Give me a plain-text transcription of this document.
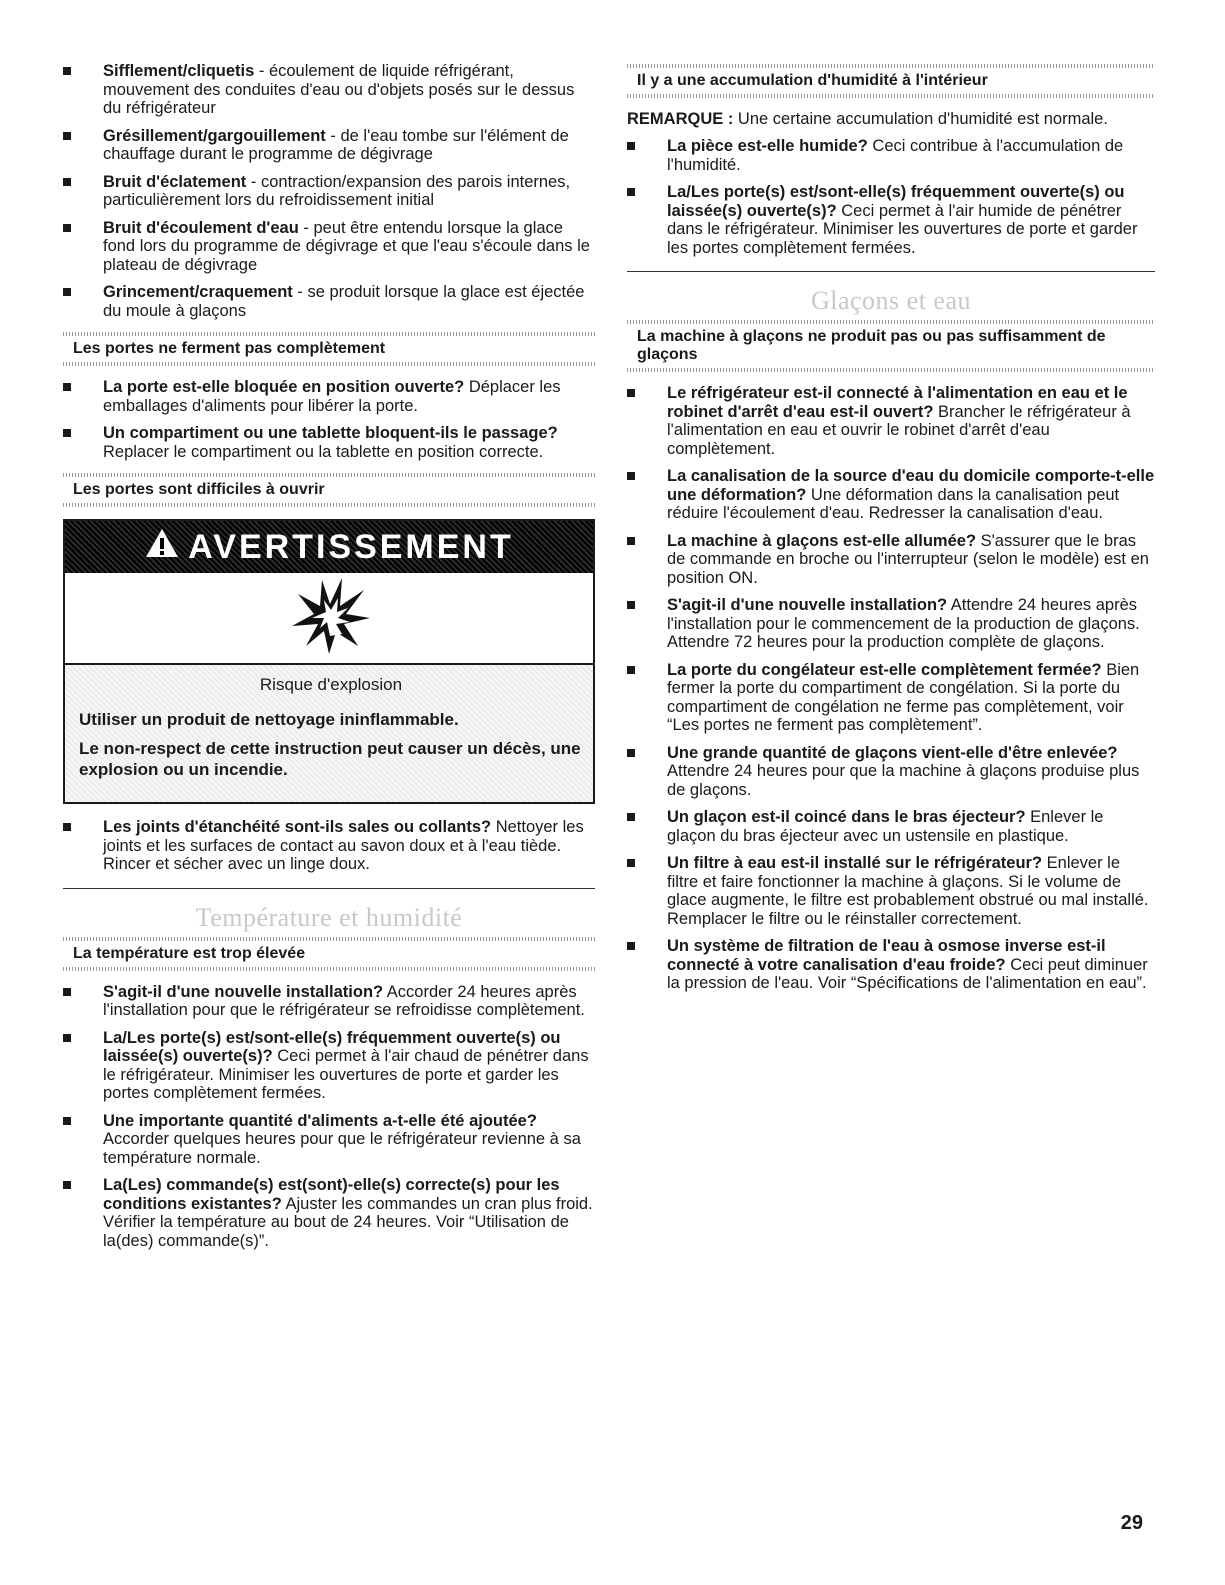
Sifflement/cliquetis - écoulement de liquide réfrigérant, mouvement des conduites d'eau ou d'objets posés sur le dessus du réfrigérateur
Grésillement/gargouillement - de l'eau tombe sur l'élément de chauffage durant le programme de dégivrage
Bruit d'éclatement - contraction/expansion des parois internes, particulièrement lors du refroidissement initial
Bruit d'écoulement d'eau - peut être entendu lorsque la glace fond lors du programme de dégivrage et que l'eau s'écoule dans le plateau de dégivrage
Grincement/craquement - se produit lorsque la glace est éjectée du moule à glaçons
Les portes ne ferment pas complètement
La porte est-elle bloquée en position ouverte? Déplacer les emballages d'aliments pour libérer la porte.
Un compartiment ou une tablette bloquent-ils le passage? Replacer le compartiment ou la tablette en position correcte.
Les portes sont difficiles à ouvrir
AVERTISSEMENT
Risque d'explosion

Utiliser un produit de nettoyage ininflammable.

Le non-respect de cette instruction peut causer un décès, une explosion ou un incendie.

Les joints d'étanchéité sont-ils sales ou collants? Nettoyer les joints et les surfaces de contact au savon doux et à l'eau tiède. Rincer et sécher avec un linge doux.
Température et humidité
La température est trop élevée
S'agit-il d'une nouvelle installation? Accorder 24 heures après l'installation pour que le réfrigérateur se refroidisse complètement.
La/Les porte(s) est/sont-elle(s) fréquemment ouverte(s) ou laissée(s) ouverte(s)? Ceci permet à l'air chaud de pénétrer dans le réfrigérateur. Minimiser les ouvertures de porte et garder les portes complètement fermées.
Une importante quantité d'aliments a-t-elle été ajoutée? Accorder quelques heures pour que le réfrigérateur revienne à sa température normale.
La(Les) commande(s) est(sont)-elle(s) correcte(s) pour les conditions existantes? Ajuster les commandes un cran plus froid. Vérifier la température au bout de 24 heures. Voir “Utilisation de la(des) commande(s)”.
Il y a une accumulation d'humidité à l'intérieur
REMARQUE : Une certaine accumulation d'humidité est normale.
La pièce est-elle humide? Ceci contribue à l'accumulation de l'humidité.
La/Les porte(s) est/sont-elle(s) fréquemment ouverte(s) ou laissée(s) ouverte(s)? Ceci permet à l'air humide de pénétrer dans le réfrigérateur. Minimiser les ouvertures de porte et garder les portes complètement fermées.
Glaçons et eau
La machine à glaçons ne produit pas ou pas suffisamment de glaçons
Le réfrigérateur est-il connecté à l'alimentation en eau et le robinet d'arrêt d'eau est-il ouvert? Brancher le réfrigérateur à l'alimentation en eau et ouvrir le robinet d'arrêt d'eau complètement.
La canalisation de la source d'eau du domicile comporte-t-elle une déformation? Une déformation dans la canalisation peut réduire l'écoulement d'eau. Redresser la canalisation d'eau.
La machine à glaçons est-elle allumée? S'assurer que le bras de commande en broche ou l'interrupteur (selon le modèle) est en position ON.
S'agit-il d'une nouvelle installation? Attendre 24 heures après l'installation pour le commencement de la production de glaçons. Attendre 72 heures pour la production complète de glaçons.
La porte du congélateur est-elle complètement fermée? Bien fermer la porte du compartiment de congélation. Si la porte du compartiment de congélation ne ferme pas complètement, voir “Les portes ne ferment pas complètement”.
Une grande quantité de glaçons vient-elle d'être enlevée? Attendre 24 heures pour que la machine à glaçons produise plus de glaçons.
Un glaçon est-il coincé dans le bras éjecteur? Enlever le glaçon du bras éjecteur avec un ustensile en plastique.
Un filtre à eau est-il installé sur le réfrigérateur? Enlever le filtre et faire fonctionner la machine à glaçons. Si le volume de glace augmente, le filtre est probablement obstrué ou mal installé. Remplacer le filtre ou le réinstaller correctement.
Un système de filtration de l'eau à osmose inverse est-il connecté à votre canalisation d'eau froide? Ceci peut diminuer la pression de l'eau. Voir “Spécifications de l'alimentation en eau”.
29
